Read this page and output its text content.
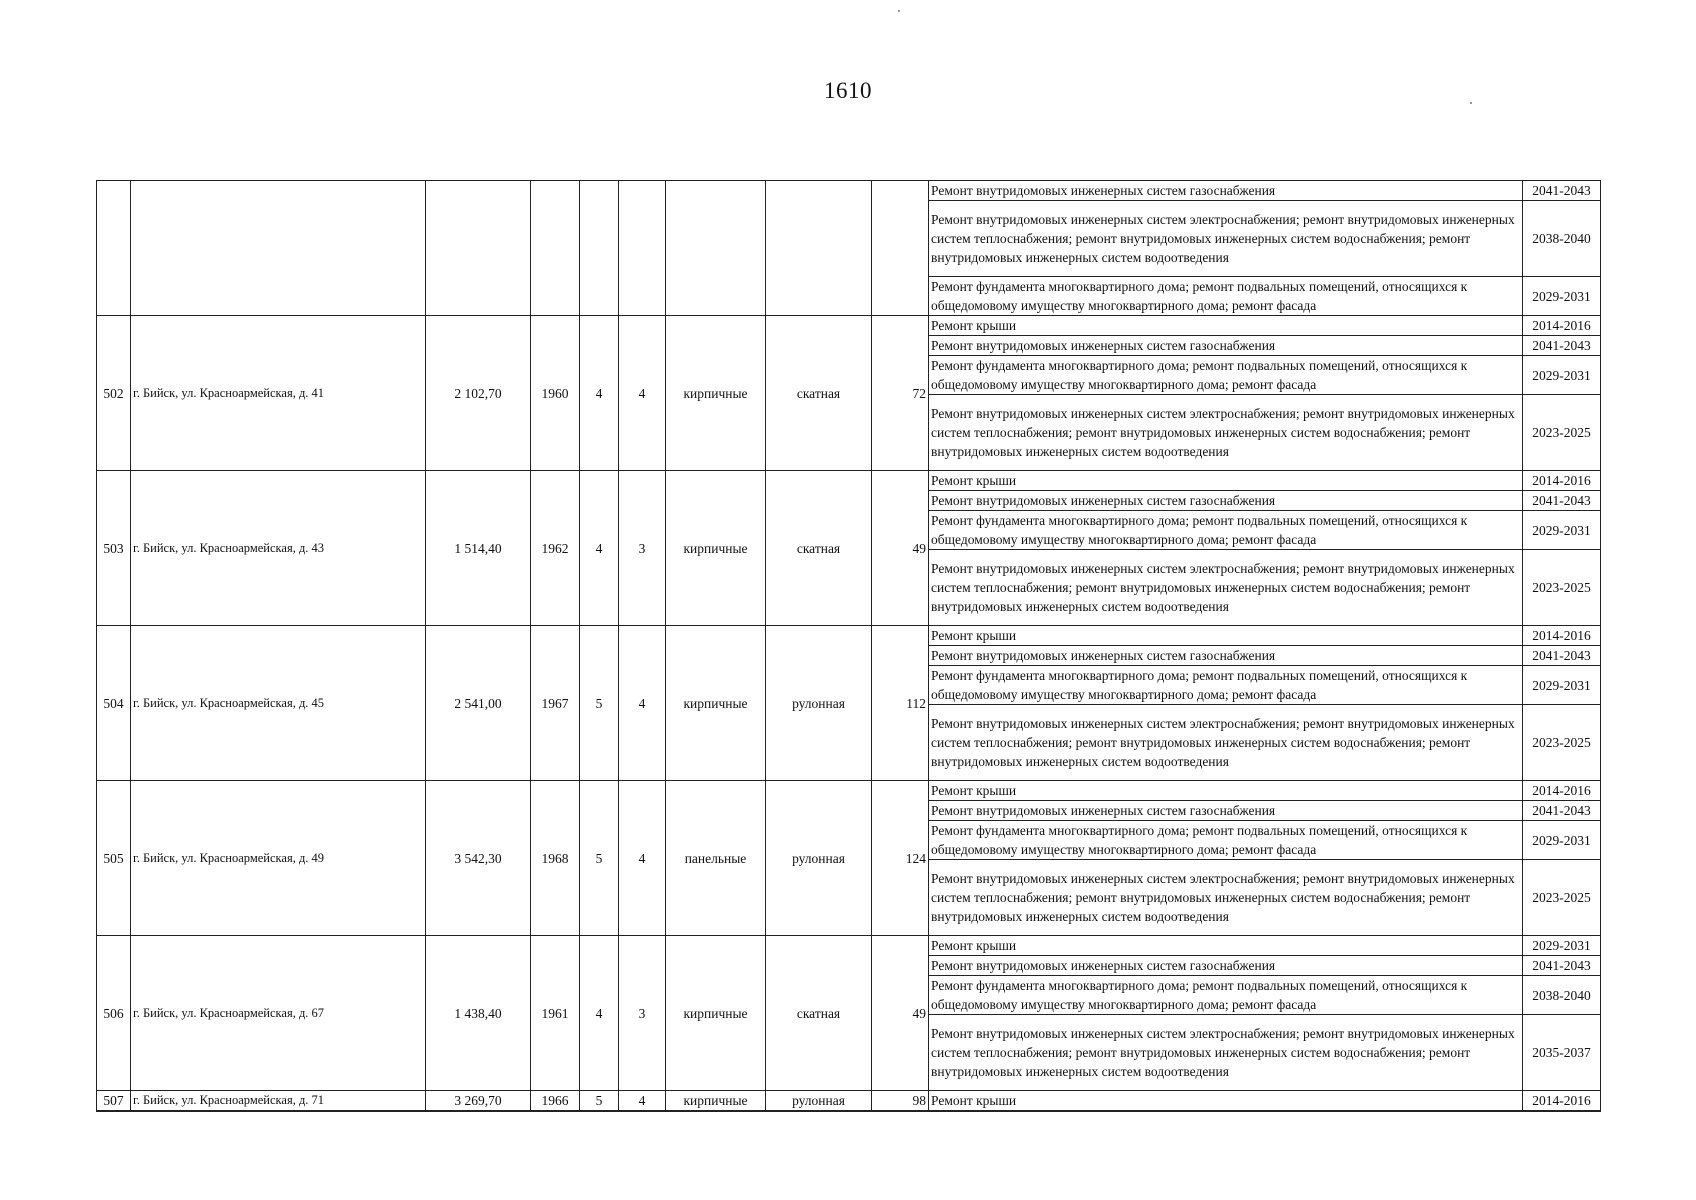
1610
									Ремонт внутридомовых инженерных систем газоснабжения	2041-2043
									Ремонт внутридомовых инженерных систем электроснабжения; ремонт внутридомовых инженерных систем теплоснабжения; ремонт внутридомовых инженерных систем водоснабжения; ремонт внутридомовых инженерных систем водоотведения	2038-2040
									Ремонт фундамента многоквартирного дома; ремонт подвальных помещений, относящихся к общедомовому имуществу многоквартирного дома; ремонт фасада	2029-2031
502	г. Бийск, ул. Красноармейская, д. 41	2 102,70	1960	4	4	кирпичные	скатная	72	Ремонт крыши	2014-2016
									Ремонт внутридомовых инженерных систем газоснабжения	2041-2043
									Ремонт фундамента многоквартирного дома; ремонт подвальных помещений, относящихся к общедомовому имуществу многоквартирного дома; ремонт фасада	2029-2031
									Ремонт внутридомовых инженерных систем электроснабжения; ремонт внутридомовых инженерных систем теплоснабжения; ремонт внутридомовых инженерных систем водоснабжения; ремонт внутридомовых инженерных систем водоотведения	2023-2025
503	г. Бийск, ул. Красноармейская, д. 43	1 514,40	1962	4	3	кирпичные	скатная	49	Ремонт крыши	2014-2016
									Ремонт внутридомовых инженерных систем газоснабжения	2041-2043
									Ремонт фундамента многоквартирного дома; ремонт подвальных помещений, относящихся к общедомовому имуществу многоквартирного дома; ремонт фасада	2029-2031
									Ремонт внутридомовых инженерных систем электроснабжения; ремонт внутридомовых инженерных систем теплоснабжения; ремонт внутридомовых инженерных систем водоснабжения; ремонт внутридомовых инженерных систем водоотведения	2023-2025
504	г. Бийск, ул. Красноармейская, д. 45	2 541,00	1967	5	4	кирпичные	рулонная	112	Ремонт крыши	2014-2016
									Ремонт внутридомовых инженерных систем газоснабжения	2041-2043
									Ремонт фундамента многоквартирного дома; ремонт подвальных помещений, относящихся к общедомовому имуществу многоквартирного дома; ремонт фасада	2029-2031
									Ремонт внутридомовых инженерных систем электроснабжения; ремонт внутридомовых инженерных систем теплоснабжения; ремонт внутридомовых инженерных систем водоснабжения; ремонт внутридомовых инженерных систем водоотведения	2023-2025
505	г. Бийск, ул. Красноармейская, д. 49	3 542,30	1968	5	4	панельные	рулонная	124	Ремонт крыши	2014-2016
									Ремонт внутридомовых инженерных систем газоснабжения	2041-2043
									Ремонт фундамента многоквартирного дома; ремонт подвальных помещений, относящихся к общедомовому имуществу многоквартирного дома; ремонт фасада	2029-2031
									Ремонт внутридомовых инженерных систем электроснабжения; ремонт внутридомовых инженерных систем теплоснабжения; ремонт внутридомовых инженерных систем водоснабжения; ремонт внутридомовых инженерных систем водоотведения	2023-2025
506	г. Бийск, ул. Красноармейская, д. 67	1 438,40	1961	4	3	кирпичные	скатная	49	Ремонт крыши	2029-2031
									Ремонт внутридомовых инженерных систем газоснабжения	2041-2043
									Ремонт фундамента многоквартирного дома; ремонт подвальных помещений, относящихся к общедомовому имуществу многоквартирного дома; ремонт фасада	2038-2040
									Ремонт внутридомовых инженерных систем электроснабжения; ремонт внутридомовых инженерных систем теплоснабжения; ремонт внутридомовых инженерных систем водоснабжения; ремонт внутридомовых инженерных систем водоотведения	2035-2037
507	г. Бийск, ул. Красноармейская, д. 71	3 269,70	1966	5	4	кирпичные	рулонная	98	Ремонт крыши	2014-2016
